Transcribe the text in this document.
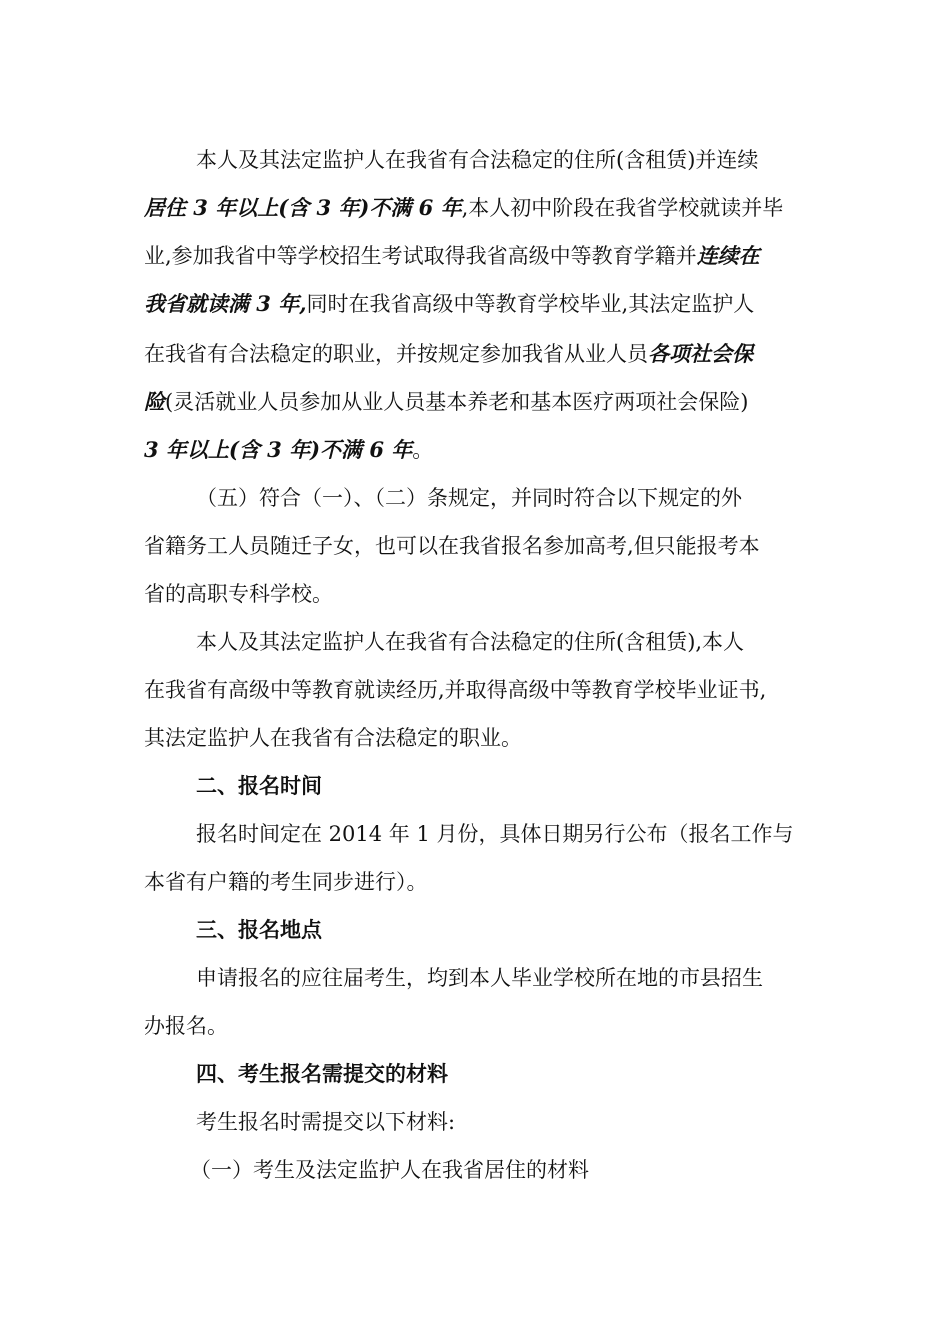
本人及其法定监护人在我省有合法稳定的住所(含租赁)并连续
居住 3 年以上(含 3 年)不满 6 年,本人初中阶段在我省学校就读并毕
业,参加我省中等学校招生考试取得我省高级中等教育学籍并连续在
我省就读满 3 年,同时在我省高级中等教育学校毕业,其法定监护人
在我省有合法稳定的职业，并按规定参加我省从业人员各项社会保
险(灵活就业人员参加从业人员基本养老和基本医疗两项社会保险)
3 年以上(含 3 年)不满 6 年。
（五）符合（一）、（二）条规定，并同时符合以下规定的外
省籍务工人员随迁子女，也可以在我省报名参加高考,但只能报考本
省的高职专科学校。
本人及其法定监护人在我省有合法稳定的住所(含租赁),本人
在我省有高级中等教育就读经历,并取得高级中等教育学校毕业证书,
其法定监护人在我省有合法稳定的职业。
二、报名时间
报名时间定在 2014 年 1 月份，具体日期另行公布（报名工作与
本省有户籍的考生同步进行）。
三、报名地点
申请报名的应往届考生，均到本人毕业学校所在地的市县招生
办报名。
四、考生报名需提交的材料
考生报名时需提交以下材料:
（一）考生及法定监护人在我省居住的材料
